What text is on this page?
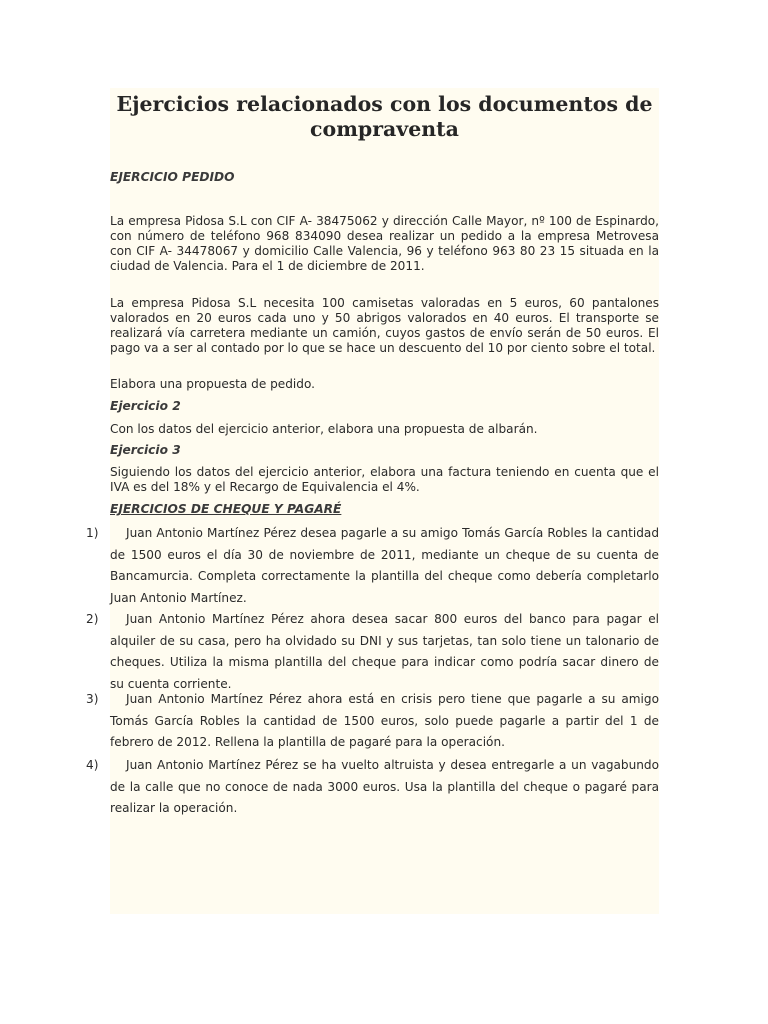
Ejercicios relacionados con los documentos de compraventa

EJERCICIO PEDIDO

La empresa Pidosa S.L con CIF A- 38475062 y dirección Calle Mayor, nº 100 de Espinardo, con número de teléfono 968 834090 desea realizar un pedido a la empresa Metrovesa con CIF A- 34478067 y domicilio Calle Valencia, 96 y teléfono 963 80 23 15 situada en la ciudad de Valencia. Para el 1 de diciembre de 2011.

La empresa Pidosa S.L necesita 100 camisetas valoradas en 5 euros, 60 pantalones valorados en 20 euros cada uno y 50 abrigos valorados en 40 euros. El transporte se realizará vía carretera mediante un camión, cuyos gastos de envío serán de 50 euros. El pago va a ser al contado por lo que se hace un descuento del 10 por ciento sobre el total.

Elabora una propuesta de pedido.

Ejercicio 2

Con los datos del ejercicio anterior, elabora una propuesta de albarán.

Ejercicio 3

Siguiendo los datos del ejercicio anterior, elabora una factura teniendo en cuenta que el IVA es del 18% y el Recargo de Equivalencia el 4%.

EJERCICIOS DE CHEQUE Y PAGARÉ

1)	Juan Antonio Martínez Pérez desea pagarle a su amigo Tomás García Robles la cantidad de 1500 euros el día 30 de noviembre de 2011, mediante un cheque de su cuenta de Bancamurcia. Completa correctamente la plantilla del cheque como debería completarlo Juan Antonio Martínez.
2)	Juan Antonio Martínez Pérez ahora desea sacar 800 euros del banco para pagar el alquiler de su casa, pero ha olvidado su DNI y sus tarjetas, tan solo tiene un talonario de cheques. Utiliza la misma plantilla del cheque para indicar como podría sacar dinero de su cuenta corriente.
3)	Juan Antonio Martínez Pérez ahora está en crisis pero tiene que pagarle a su amigo Tomás García Robles la cantidad de 1500 euros, solo puede pagarle a partir del 1 de febrero de 2012. Rellena la plantilla de pagaré para la operación.
4)	Juan Antonio Martínez Pérez se ha vuelto altruista y desea entregarle a un vagabundo de la calle que no conoce de nada 3000 euros. Usa la plantilla del cheque o pagaré para realizar la operación.
